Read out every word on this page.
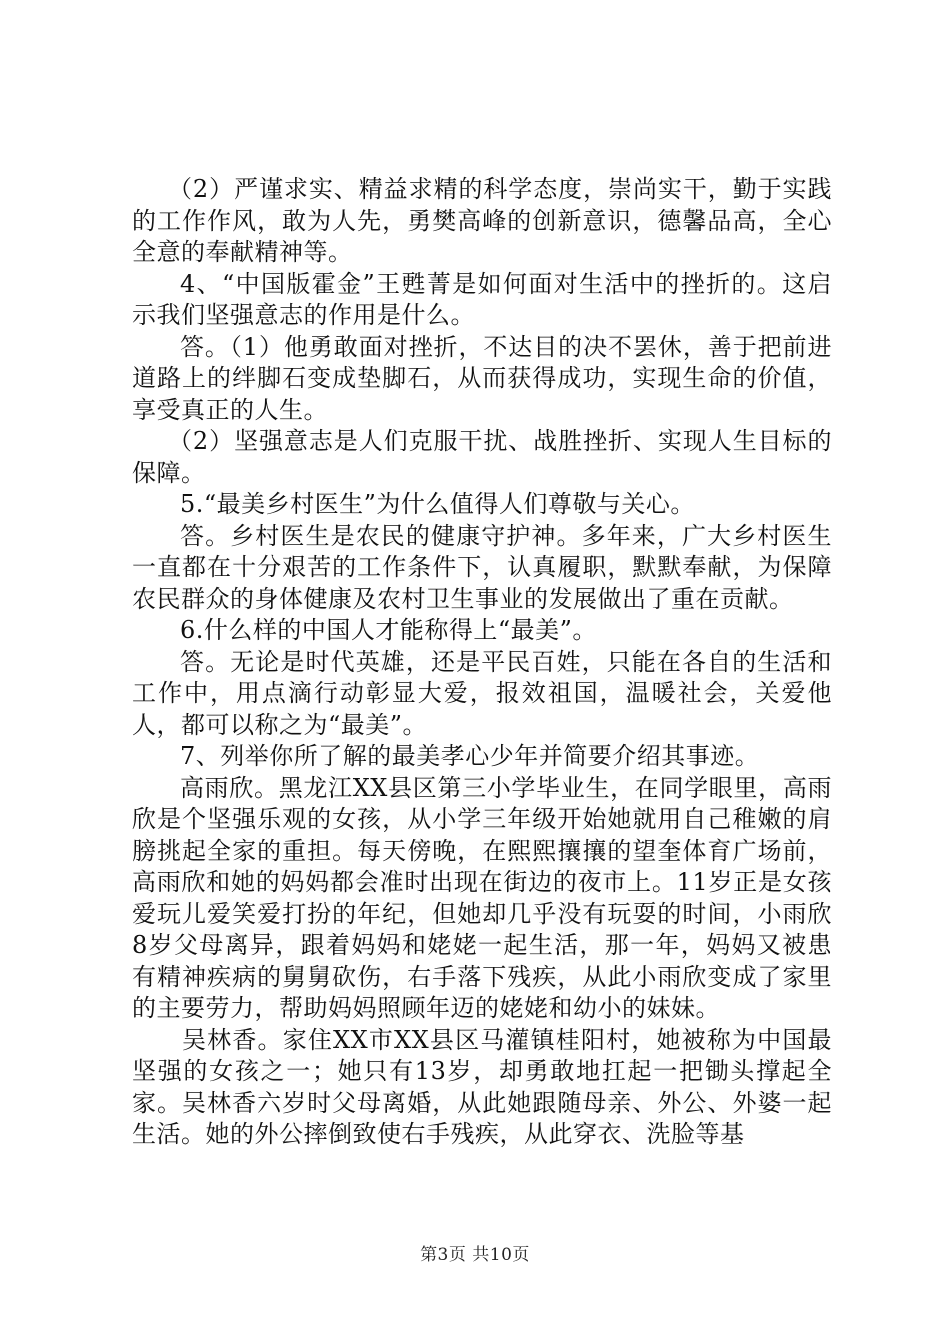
（2）严谨求实、精益求精的科学态度，崇尚实干，勤于实践的工作作风，敢为人先，勇樊高峰的创新意识，德馨品高，全心全意的奉献精神等。

4、“中国版霍金”王甦菁是如何面对生活中的挫折的。这启示我们坚强意志的作用是什么。

答。（1）他勇敢面对挫折，不达目的决不罢休，善于把前进道路上的绊脚石变成垫脚石，从而获得成功，实现生命的价值，享受真正的人生。

（2）坚强意志是人们克服干扰、战胜挫折、实现人生目标的保障。

5.“最美乡村医生”为什么值得人们尊敬与关心。

答。乡村医生是农民的健康守护神。多年来，广大乡村医生一直都在十分艰苦的工作条件下，认真履职，默默奉献，为保障农民群众的身体健康及农村卫生事业的发展做出了重在贡献。

6.什么样的中国人才能称得上“最美”。

答。无论是时代英雄，还是平民百姓，只能在各自的生活和工作中，用点滴行动彰显大爱，报效祖国，温暖社会，关爱他人，都可以称之为“最美”。

7、列举你所了解的最美孝心少年并简要介绍其事迹。

高雨欣。黑龙江XX县区第三小学毕业生，在同学眼里，高雨欣是个坚强乐观的女孩，从小学三年级开始她就用自己稚嫩的肩膀挑起全家的重担。每天傍晚，在熙熙攘攘的望奎体育广场前，高雨欣和她的妈妈都会准时出现在街边的夜市上。11岁正是女孩爱玩儿爱笑爱打扮的年纪，但她却几乎没有玩耍的时间，小雨欣8岁父母离异，跟着妈妈和姥姥一起生活，那一年，妈妈又被患有精神疾病的舅舅砍伤，右手落下残疾，从此小雨欣变成了家里的主要劳力，帮助妈妈照顾年迈的姥姥和幼小的妹妹。

吴林香。家住XX市XX县区马灌镇桂阳村，她被称为中国最坚强的女孩之一；她只有13岁，却勇敢地扛起一把锄头撑起全家。吴林香六岁时父母离婚，从此她跟随母亲、外公、外婆一起生活。她的外公摔倒致使右手残疾，从此穿衣、洗脸等基

第3页 共10页
